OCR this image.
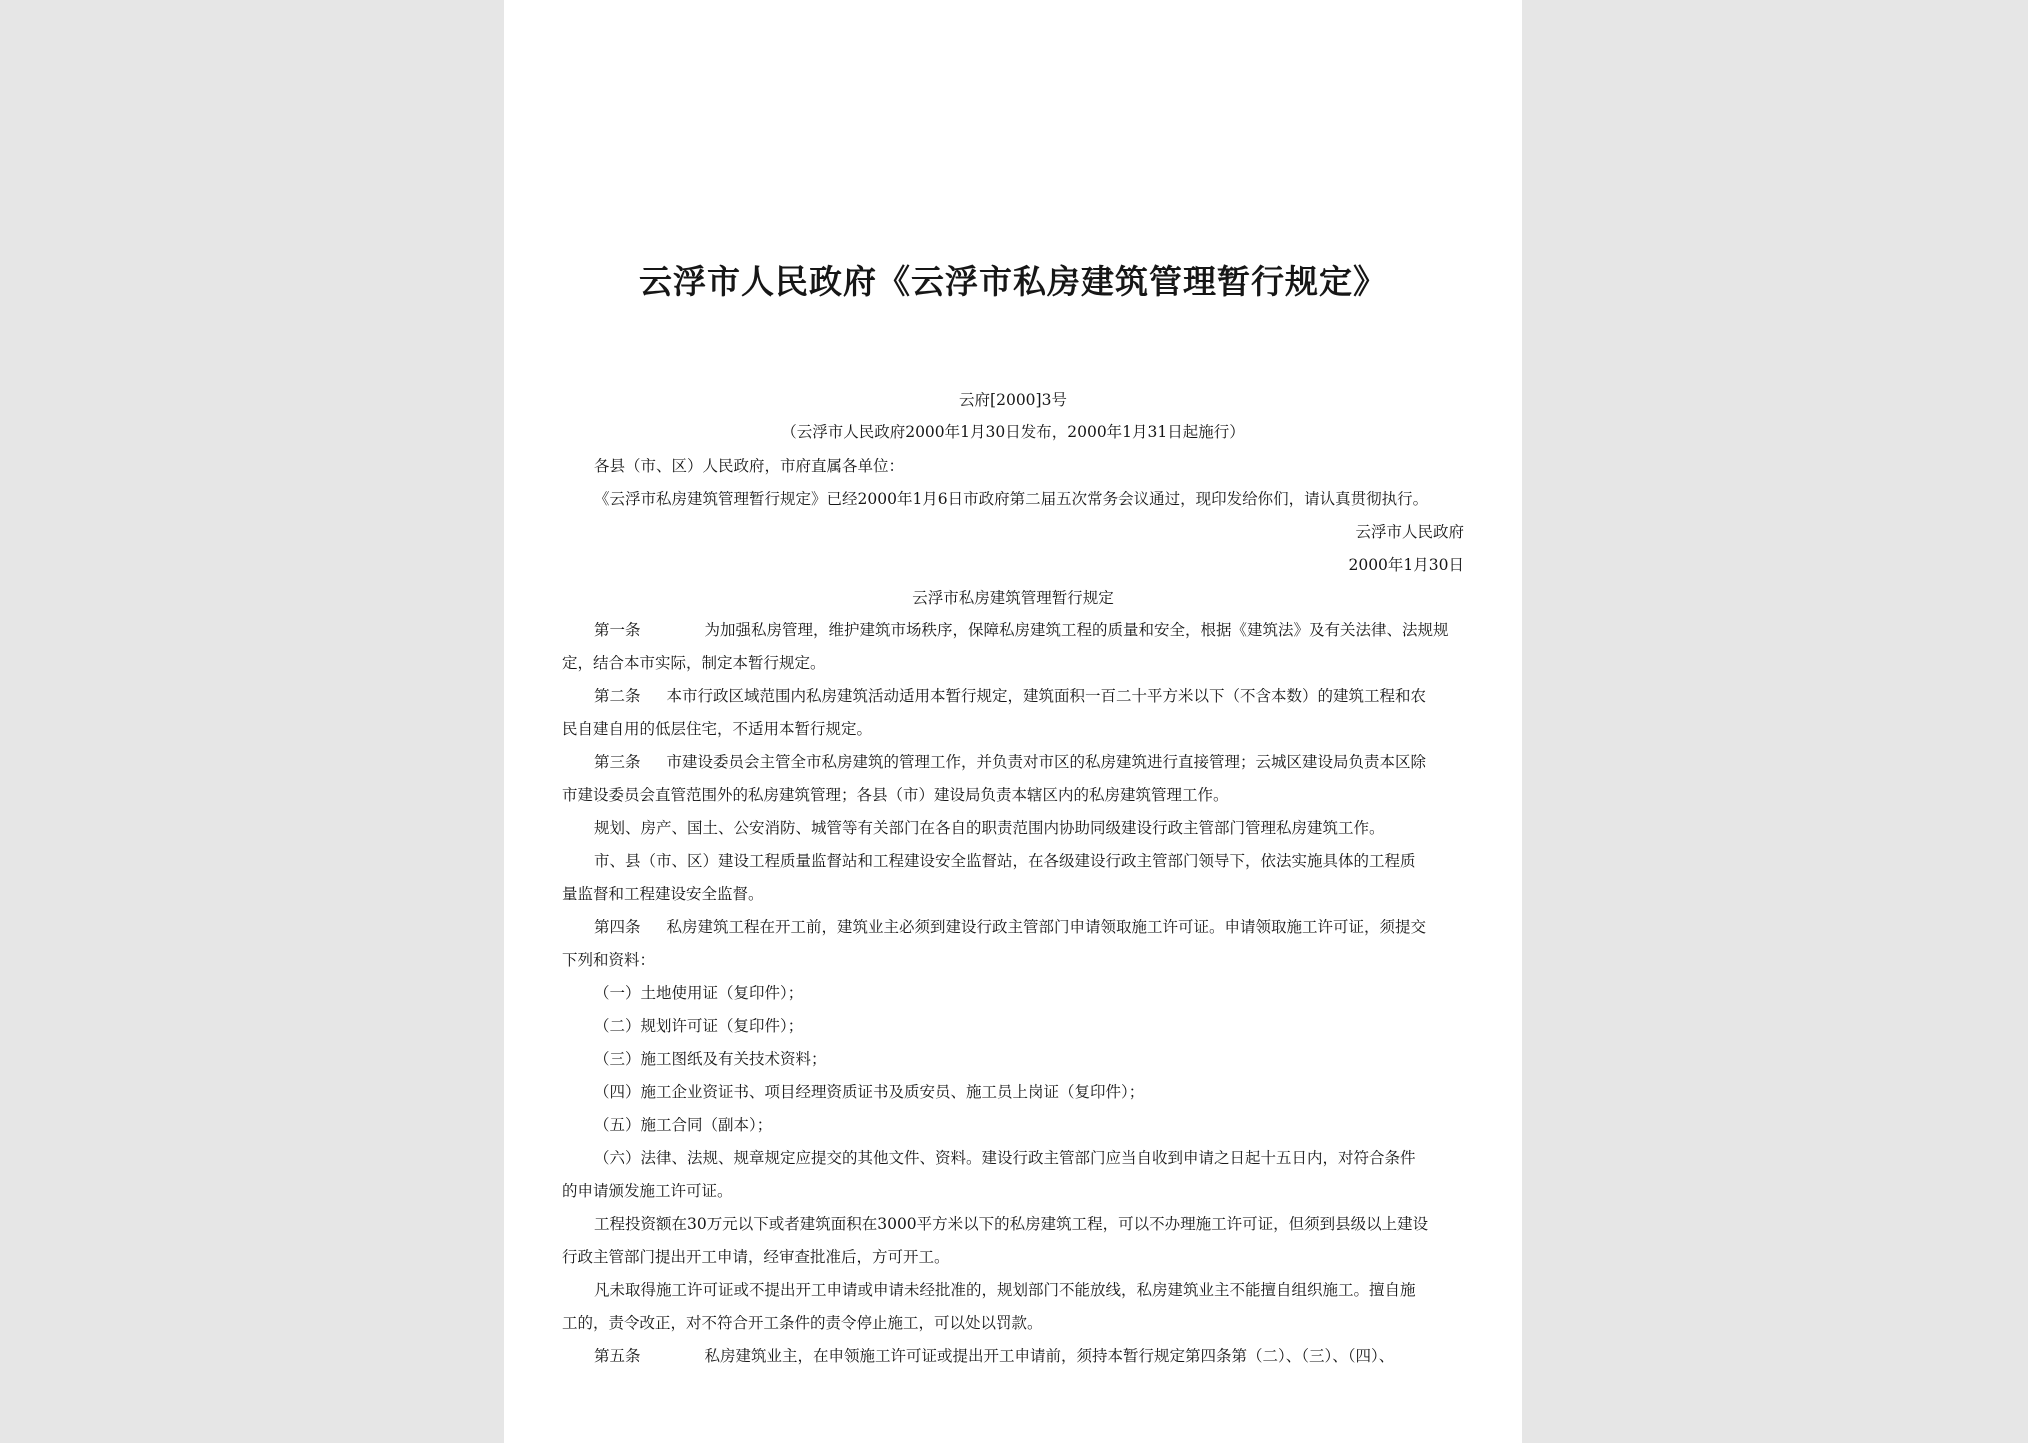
云浮市人民政府《云浮市私房建筑管理暂行规定》
云府[2000]3号
（云浮市人民政府2000年1月30日发布，2000年1月31日起施行）
各县（市、区）人民政府，市府直属各单位：
《云浮市私房建筑管理暂行规定》已经2000年1月6日市政府第二届五次常务会议通过，现印发给你们，请认真贯彻执行。
云浮市人民政府
2000年1月30日
云浮市私房建筑管理暂行规定
第一条	为加强私房管理，维护建筑市场秩序，保障私房建筑工程的质量和安全，根据《建筑法》及有关法律、法规规
定，结合本市实际，制定本暂行规定。
第二条 本市行政区域范围内私房建筑活动适用本暂行规定，建筑面积一百二十平方米以下（不含本数）的建筑工程和农
民自建自用的低层住宅，不适用本暂行规定。
第三条 市建设委员会主管全市私房建筑的管理工作，并负责对市区的私房建筑进行直接管理；云城区建设局负责本区除
市建设委员会直管范围外的私房建筑管理；各县（市）建设局负责本辖区内的私房建筑管理工作。
规划、房产、国土、公安消防、城管等有关部门在各自的职责范围内协助同级建设行政主管部门管理私房建筑工作。
市、县（市、区）建设工程质量监督站和工程建设安全监督站，在各级建设行政主管部门领导下，依法实施具体的工程质
量监督和工程建设安全监督。
第四条 私房建筑工程在开工前，建筑业主必须到建设行政主管部门申请领取施工许可证。申请领取施工许可证，须提交
下列和资料：
（一）土地使用证（复印件）；
（二）规划许可证（复印件）；
（三）施工图纸及有关技术资料；
（四）施工企业资证书、项目经理资质证书及质安员、施工员上岗证（复印件）；
（五）施工合同（副本）；
（六）法律、法规、规章规定应提交的其他文件、资料。建设行政主管部门应当自收到申请之日起十五日内，对符合条件
的申请颁发施工许可证。
工程投资额在30万元以下或者建筑面积在3000平方米以下的私房建筑工程，可以不办理施工许可证，但须到县级以上建设
行政主管部门提出开工申请，经审查批准后，方可开工。
凡未取得施工许可证或不提出开工申请或申请未经批准的，规划部门不能放线，私房建筑业主不能擅自组织施工。擅自施
工的，责令改正，对不符合开工条件的责令停止施工，可以处以罚款。
第五条	私房建筑业主，在申领施工许可证或提出开工申请前，须持本暂行规定第四条第（二）、（三）、（四）、
